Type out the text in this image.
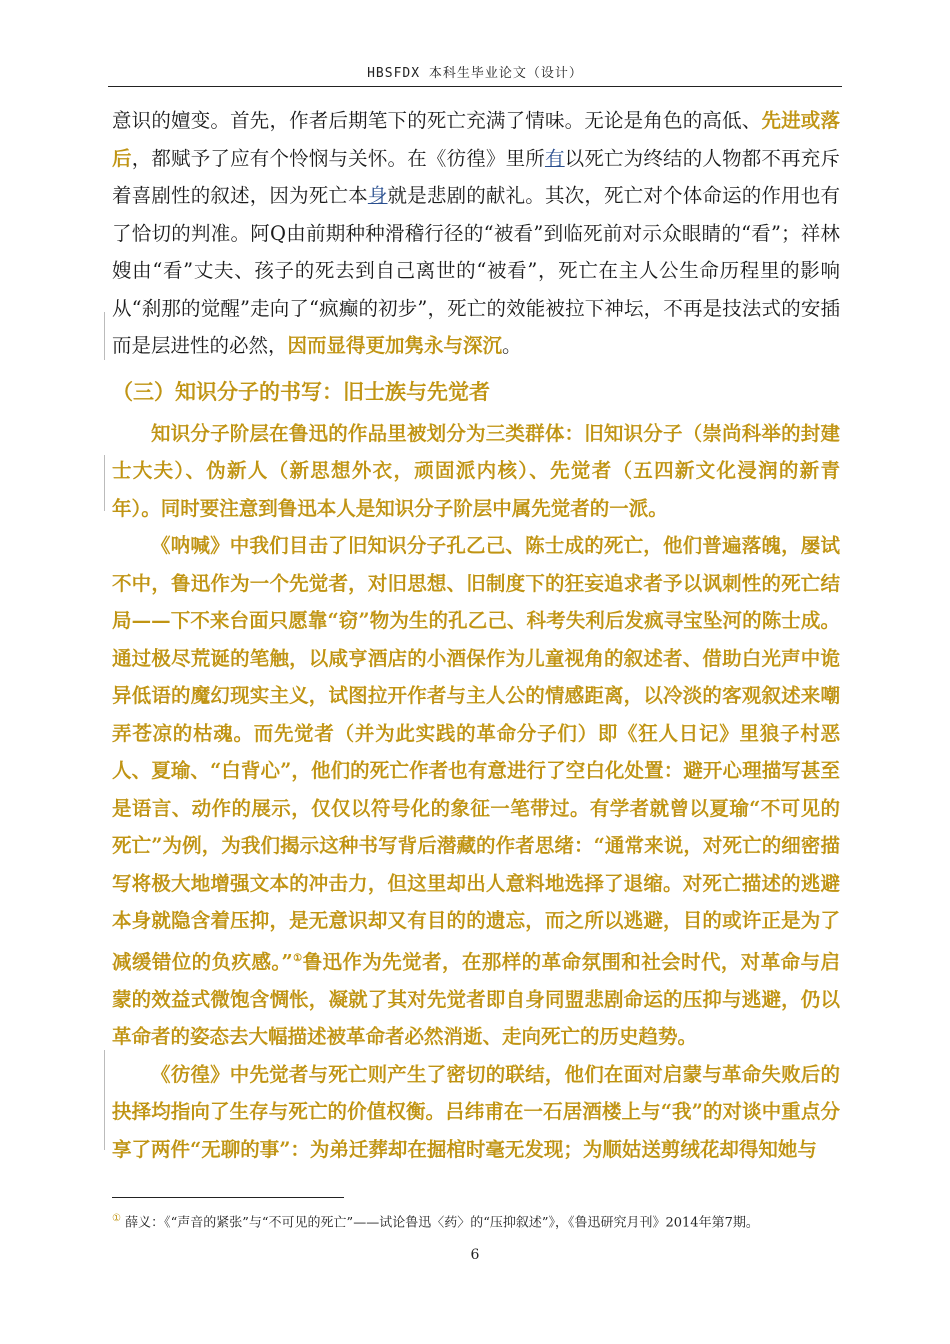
HBSFDX 本科生毕业论文（设计）

意识的嬗变。首先，作者后期笔下的死亡充满了情味。无论是角色的高低、先进或落后，都赋予了应有个怜悯与关怀。在《彷徨》里所有以死亡为终结的人物都不再充斥着喜剧性的叙述，因为死亡本身就是悲剧的献礼。其次，死亡对个体命运的作用也有了恰切的判准。阿Q由前期种种滑稽行径的“被看”到临死前对示众眼睛的“看”；祥林嫂由“看”丈夫、孩子的死去到自己离世的“被看”，死亡在主人公生命历程里的影响从“刹那的觉醒”走向了“疯癫的初步”，死亡的效能被拉下神坛，不再是技法式的安插而是层进性的必然，因而显得更加隽永与深沉。

（三）知识分子的书写：旧士族与先觉者

知识分子阶层在鲁迅的作品里被划分为三类群体：旧知识分子（崇尚科举的封建士大夫）、伪新人（新思想外衣，顽固派内核）、先觉者（五四新文化浸润的新青年）。同时要注意到鲁迅本人是知识分子阶层中属先觉者的一派。

《呐喊》中我们目击了旧知识分子孔乙己、陈士成的死亡，他们普遍落魄，屡试不中，鲁迅作为一个先觉者，对旧思想、旧制度下的狂妄追求者予以讽刺性的死亡结局——下不来台面只愿靠“窃”物为生的孔乙己、科考失利后发疯寻宝坠河的陈士成。通过极尽荒诞的笔触，以咸亨酒店的小酒保作为儿童视角的叙述者、借助白光声中诡异低语的魔幻现实主义，试图拉开作者与主人公的情感距离，以冷淡的客观叙述来嘲弄苍凉的枯魂。而先觉者（并为此实践的革命分子们）即《狂人日记》里狼子村恶人、夏瑜、“白背心”，他们的死亡作者也有意进行了空白化处置：避开心理描写甚至是语言、动作的展示，仅仅以符号化的象征一笔带过。有学者就曾以夏瑜“不可见的死亡”为例，为我们揭示这种书写背后潜藏的作者思绪：“通常来说，对死亡的细密描写将极大地增强文本的冲击力，但这里却出人意料地选择了退缩。对死亡描述的逃避本身就隐含着压抑，是无意识却又有目的的遗忘，而之所以逃避，目的或许正是为了减缓错位的负疚感。”①鲁迅作为先觉者，在那样的革命氛围和社会时代，对革命与启蒙的效益式微饱含惆怅，凝就了其对先觉者即自身同盟悲剧命运的压抑与逃避，仍以革命者的姿态去大幅描述被革命者必然消逝、走向死亡的历史趋势。

《彷徨》中先觉者与死亡则产生了密切的联结，他们在面对启蒙与革命失败后的抉择均指向了生存与死亡的价值权衡。吕纬甫在一石居酒楼上与“我”的对谈中重点分享了两件“无聊的事”：为弟迁葬却在掘棺时毫无发现；为顺姑送剪绒花却得知她与

① 薛义：《“声音的紧张”与“不可见的死亡”——试论鲁迅〈药〉的“压抑叙述”》，《鲁迅研究月刊》2014年第7期。
6
